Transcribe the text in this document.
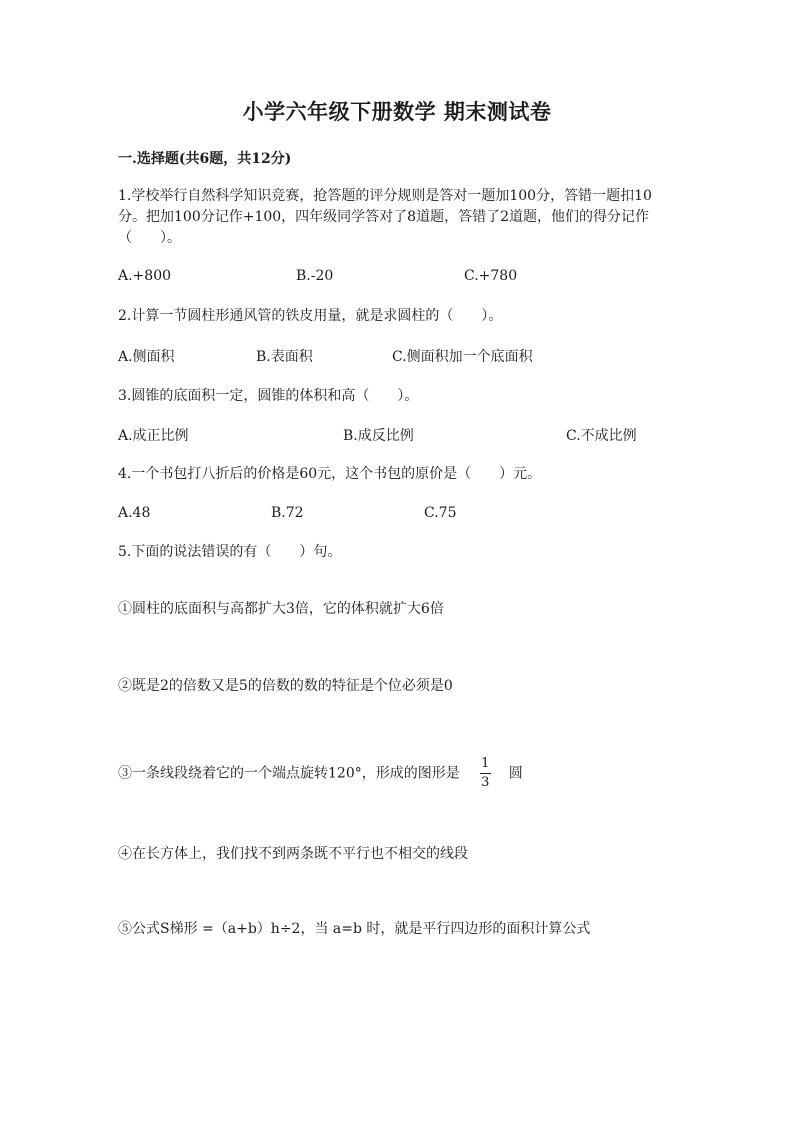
小学六年级下册数学 期末测试卷
一.选择题(共6题，共12分)
1.学校举行自然科学知识竞赛，抢答题的评分规则是答对一题加100分，答错一题扣10分。把加100分记作+100，四年级同学答对了8道题，答错了2道题，他们的得分记作（　　）。
A.+800	B.-20	C.+780
2.计算一节圆柱形通风管的铁皮用量，就是求圆柱的（　　）。
A.侧面积	B.表面积	C.侧面积加一个底面积
3.圆锥的底面积一定，圆锥的体积和高（　　）。
A.成正比例	B.成反比例	C.不成比例
4.一个书包打八折后的价格是60元，这个书包的原价是（　　）元。
A.48	B.72	C.75
5.下面的说法错误的有（　　）句。
①圆柱的底面积与高都扩大3倍，它的体积就扩大6倍
②既是2的倍数又是5的倍数的数的特征是个位必须是0
③一条线段绕着它的一个端点旋转120°，形成的图形是 $\frac{1}{3}$ 圆
④在长方体上，我们找不到两条既不平行也不相交的线段
⑤公式S梯形 =（a+b）h÷2，当 a=b 时，就是平行四边形的面积计算公式
